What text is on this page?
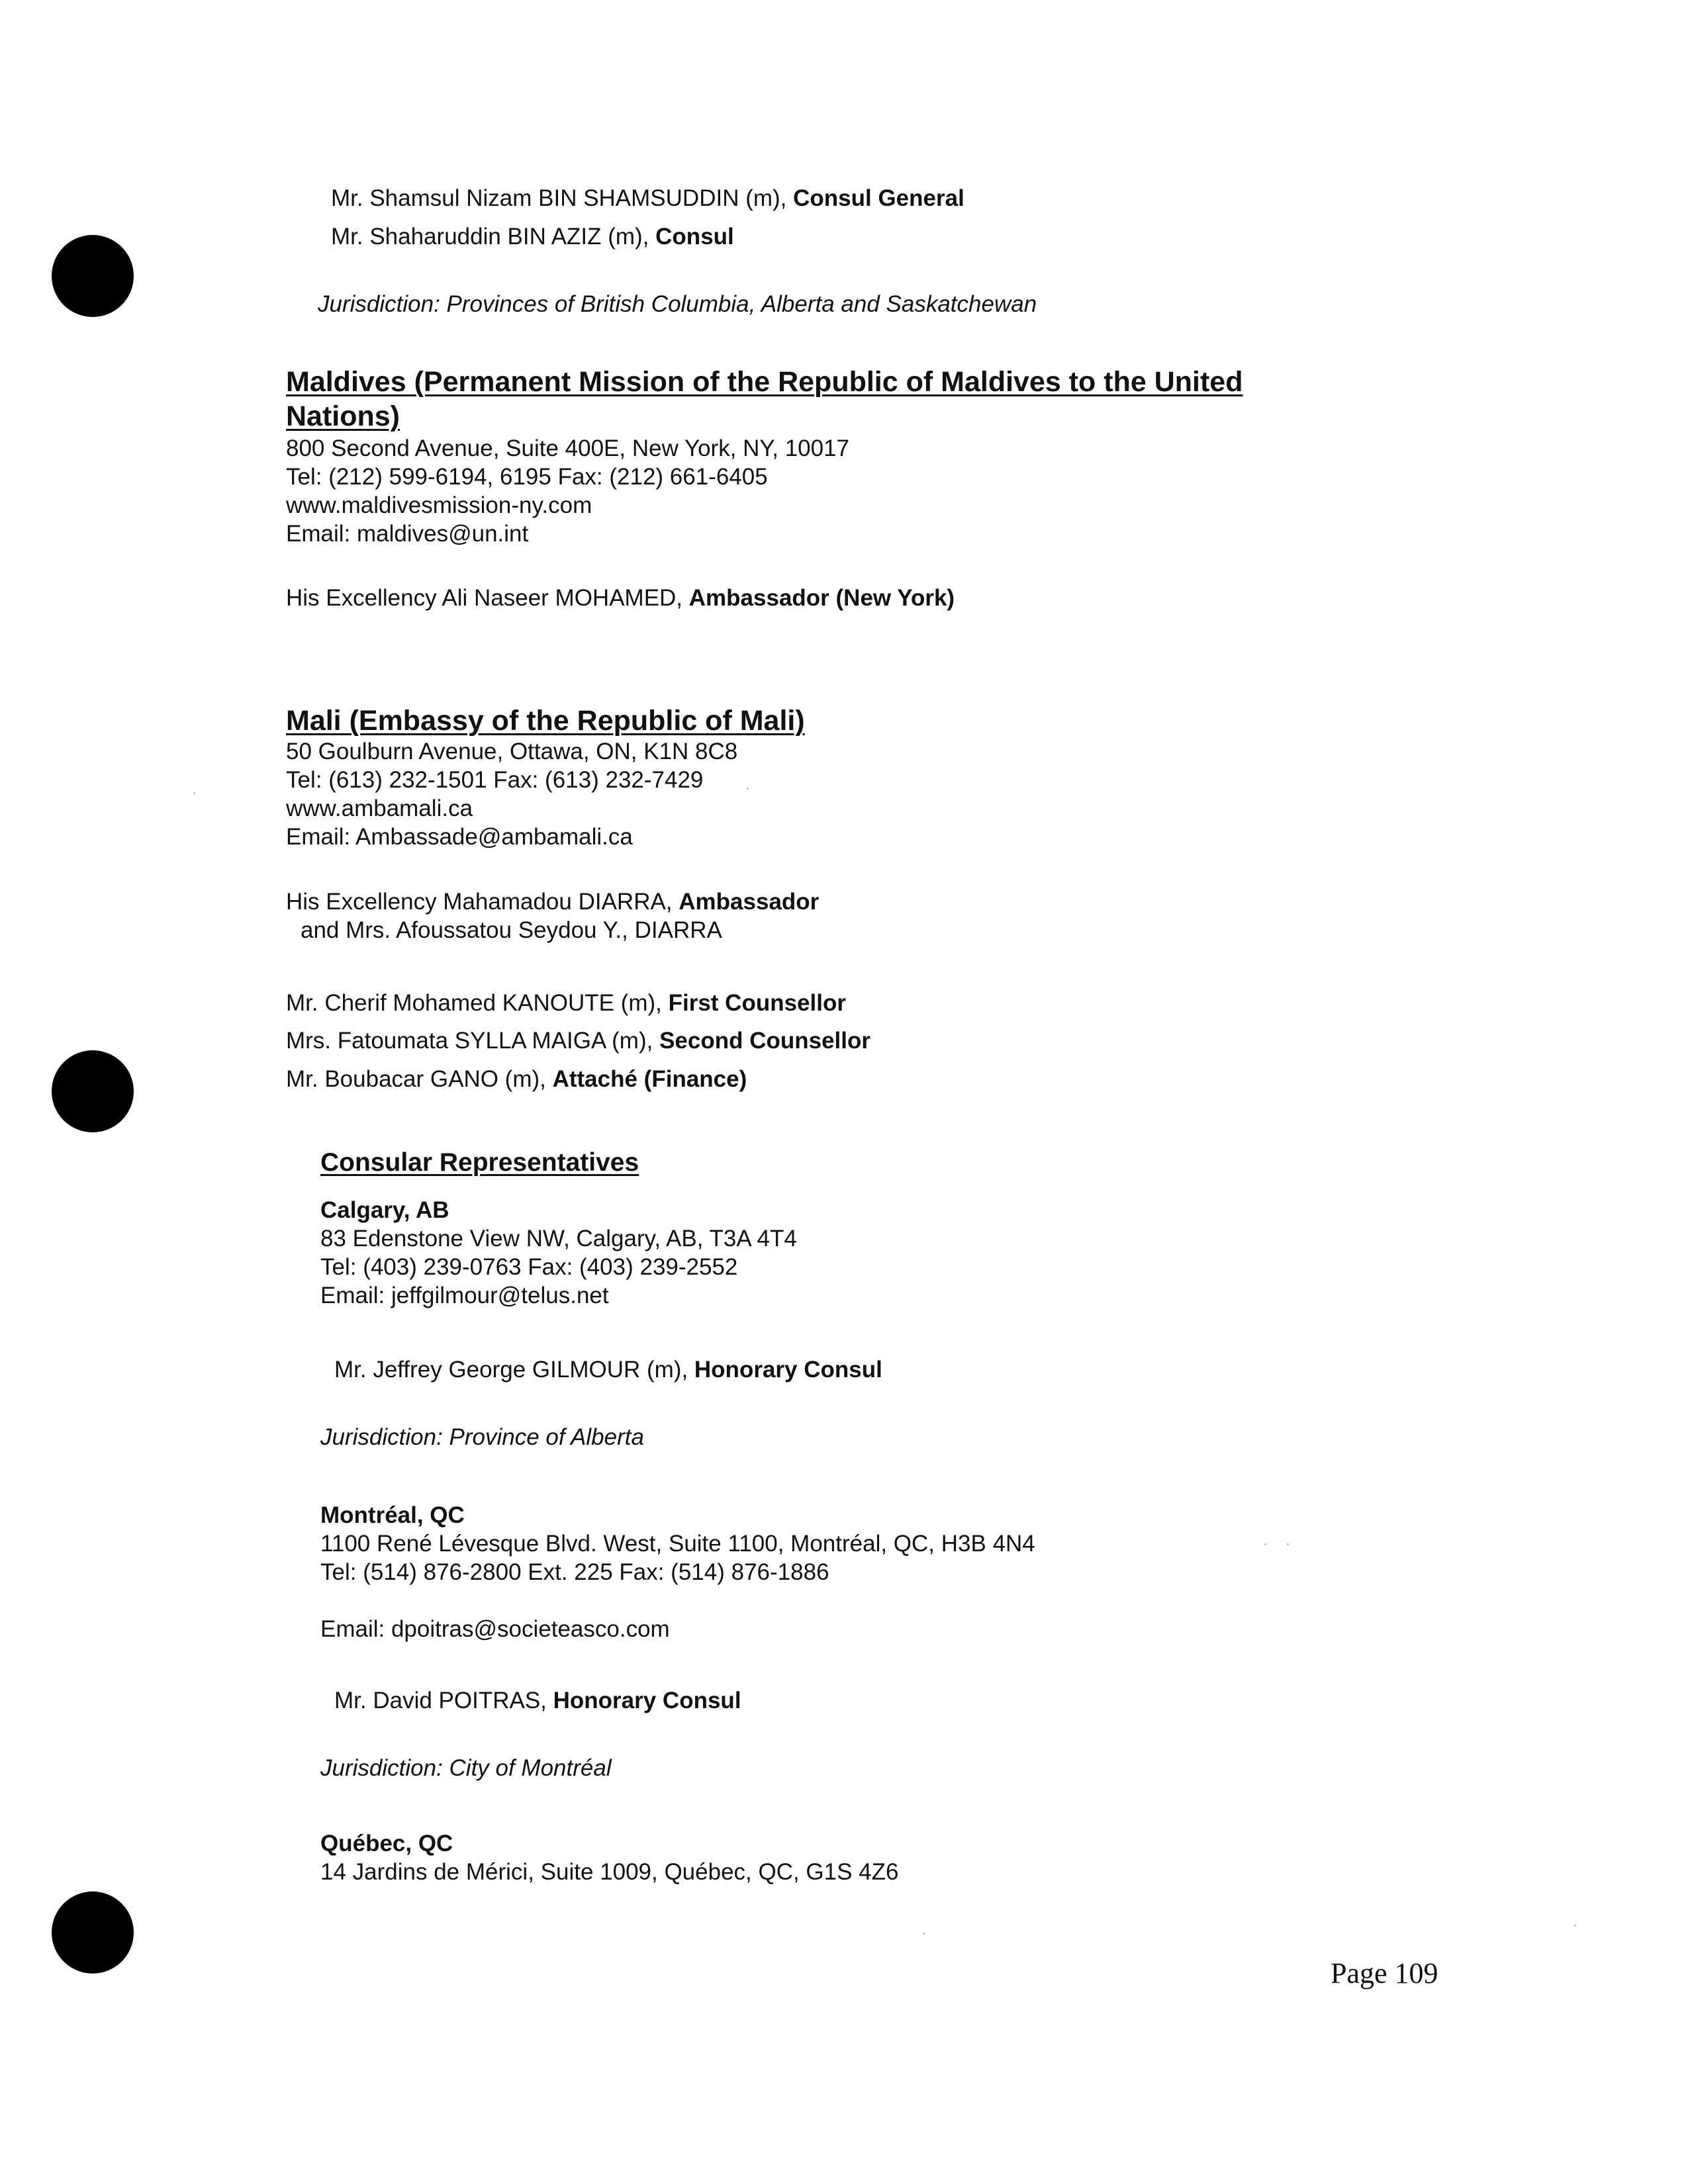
Mr. Shamsul Nizam BIN SHAMSUDDIN (m), Consul General
Mr. Shaharuddin BIN AZIZ (m), Consul
Jurisdiction: Provinces of British Columbia, Alberta and Saskatchewan
Maldives (Permanent Mission of the Republic of Maldives to the United
Nations)
800 Second Avenue, Suite 400E, New York, NY, 10017
Tel: (212) 599-6194, 6195 Fax: (212) 661-6405
www.maldivesmission-ny.com
Email: maldives@un.int
His Excellency Ali Naseer MOHAMED, Ambassador (New York)
Mali (Embassy of the Republic of Mali)
50 Goulburn Avenue, Ottawa, ON, K1N 8C8
Tel: (613) 232-1501 Fax: (613) 232-7429
www.ambamali.ca
Email: Ambassade@ambamali.ca
His Excellency Mahamadou DIARRA, Ambassador
and Mrs. Afoussatou Seydou Y., DIARRA
Mr. Cherif Mohamed KANOUTE (m), First Counsellor
Mrs. Fatoumata SYLLA MAIGA (m), Second Counsellor
Mr. Boubacar GANO (m), Attaché (Finance)
Consular Representatives
Calgary, AB
83 Edenstone View NW, Calgary, AB, T3A 4T4
Tel: (403) 239-0763 Fax: (403) 239-2552
Email: jeffgilmour@telus.net
Mr. Jeffrey George GILMOUR (m), Honorary Consul
Jurisdiction: Province of Alberta
Montréal, QC
1100 René Lévesque Blvd. West, Suite 1100, Montréal, QC, H3B 4N4
Tel: (514) 876-2800 Ext. 225 Fax: (514) 876-1886
Email: dpoitras@societeasco.com
Mr. David POITRAS, Honorary Consul
Jurisdiction: City of Montréal
Québec, QC
14 Jardins de Mérici, Suite 1009, Québec, QC, G1S 4Z6
Page 109
